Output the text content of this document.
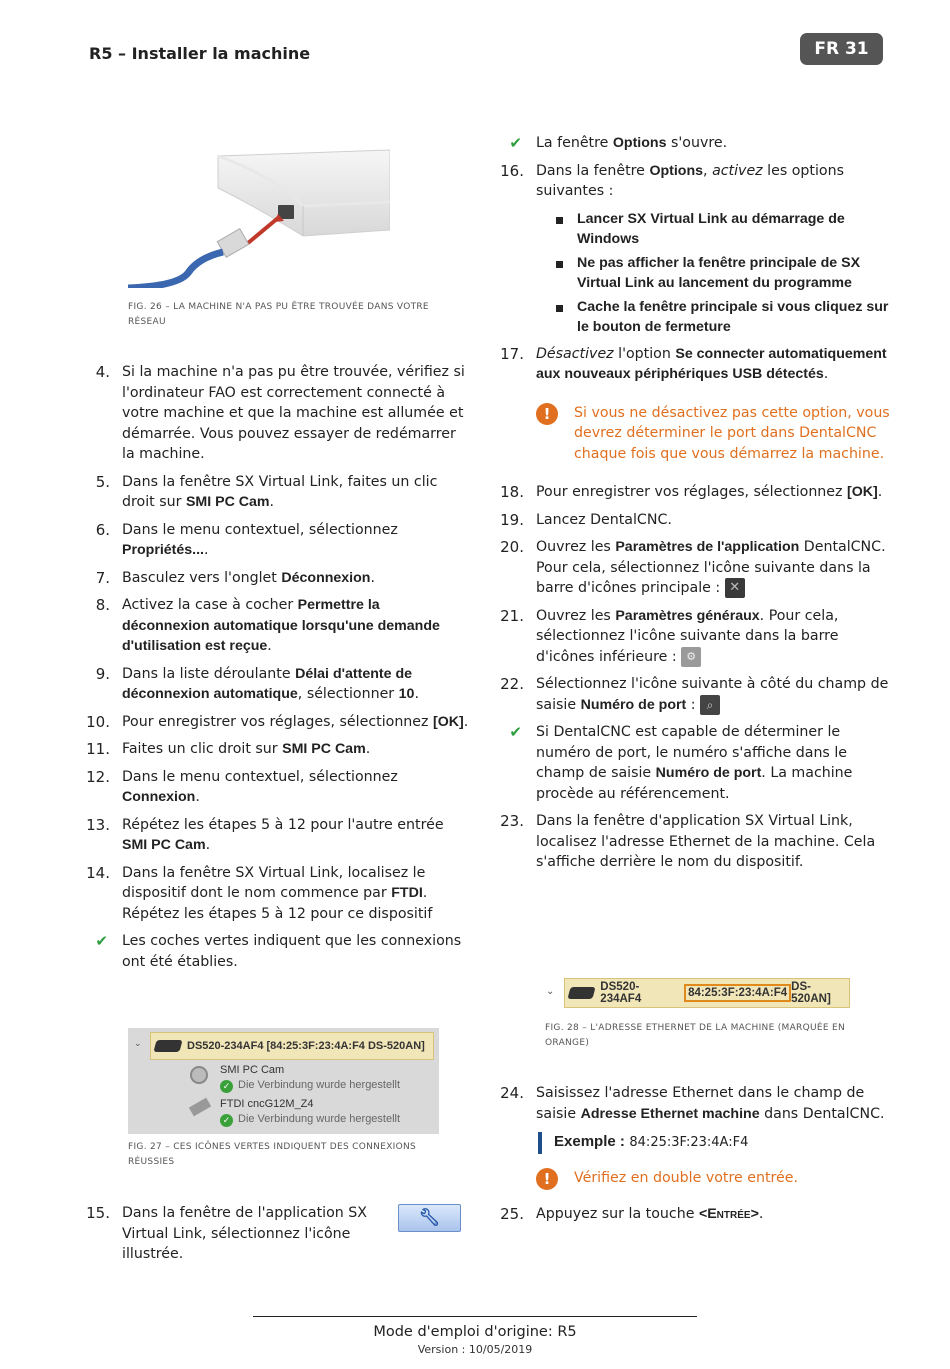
R5 – Installer la machine	FR 31
FIG. 26 – LA MACHINE N'A PAS PU ÊTRE TROUVÉE DANS VOTRE RÉSEAU
4. Si la machine n'a pas pu être trouvée, vérifiez si l'ordinateur FAO est correctement connecté à votre machine et que la machine est allumée et démarrée. Vous pouvez essayer de redémarrer la machine.
5. Dans la fenêtre SX Virtual Link, faites un clic droit sur SMI PC Cam.
6. Dans le menu contextuel, sélectionnez Propriétés....
7. Basculez vers l'onglet Déconnexion.
8. Activez la case à cocher Permettre la déconnexion automatique lorsqu'une demande d'utilisation est reçue.
9. Dans la liste déroulante Délai d'attente de déconnexion automatique, sélectionner 10.
10. Pour enregistrer vos réglages, sélectionnez [OK].
11. Faites un clic droit sur SMI PC Cam.
12. Dans le menu contextuel, sélectionnez Connexion.
13. Répétez les étapes 5 à 12 pour l'autre entrée SMI PC Cam.
14. Dans la fenêtre SX Virtual Link, localisez le dispositif dont le nom commence par FTDI. Répétez les étapes 5 à 12 pour ce dispositif
✔ Les coches vertes indiquent que les connexions ont été établies.
DS520-234AF4 [84:25:3F:23:4A:F4 DS-520AN]
⌄
✓
SMI PC Cam
Die Verbindung wurde hergestellt
✓
FTDI cncG12M_Z4
Die Verbindung wurde hergestellt
FIG. 27 – CES ICÔNES VERTES INDIQUENT DES CONNEXIONS RÉUSSIES
15. Dans la fenêtre de l'application SX Virtual Link, sélectionnez l'icône illustrée.
🔧︎
✔ La fenêtre Options s'ouvre.
16. Dans la fenêtre Options, activez les options suivantes :
Lancer SX Virtual Link au démarrage de Windows
Ne pas afficher la fenêtre principale de SX Virtual Link au lancement du programme
Cache la fenêtre principale si vous cliquez sur le bouton de fermeture
17. Désactivez l'option Se connecter automatiquement aux nouveaux périphériques USB détectés.
!	Si vous ne désactivez pas cette option, vous devrez déterminer le port dans DentalCNC chaque fois que vous démarrez la machine.
18. Pour enregistrer vos réglages, sélectionnez [OK].
19. Lancez DentalCNC.
20. Ouvrez les Paramètres de l'application DentalCNC. Pour cela, sélectionnez l'icône suivante dans la barre d'icônes principale : ✕
21. Ouvrez les Paramètres généraux. Pour cela, sélectionnez l'icône suivante dans la barre d'icônes inférieure : ⚙
22. Sélectionnez l'icône suivante à côté du champ de saisie Numéro de port : ⌕
✔ Si DentalCNC est capable de déterminer le numéro de port, le numéro s'affiche dans le champ de saisie Numéro de port. La machine procède au référencement.
23. Dans la fenêtre d'application SX Virtual Link, localisez l'adresse Ethernet de la machine. Cela s'affiche derrière le nom du dispositif.
⌄	DS520-234AF4	84:25:3F:23:4A:F4 DS-520AN]
FIG. 28 – L'ADRESSE ETHERNET DE LA MACHINE (MARQUÉE EN ORANGE)
24. Saisissez l'adresse Ethernet dans le champ de saisie Adresse Ethernet machine dans DentalCNC.
Exemple : 84:25:3F:23:4A:F4
!	Vérifiez en double votre entrée.
25. Appuyez sur la touche <Entrée>.
Mode d'emploi d'origine: R5
Version : 10/05/2019
